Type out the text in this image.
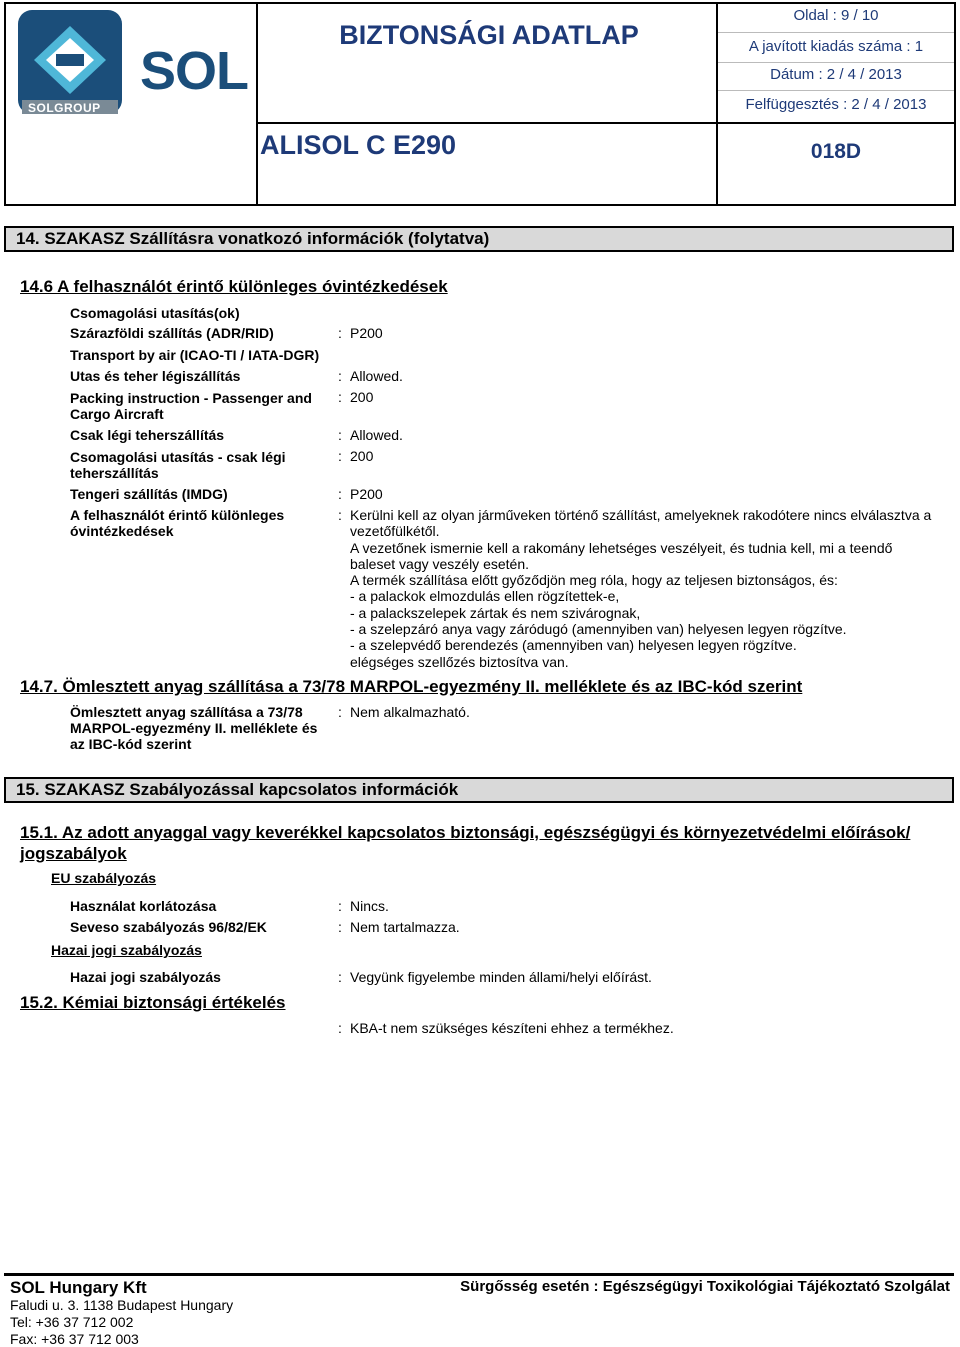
SOLGROUP
SOL
BIZTONSÁGI ADATLAP
ALISOL C E290
Oldal : 9 / 10
A javított kiadás száma : 1
Dátum : 2 / 4 / 2013
Felfüggesztés : 2 / 4 / 2013
018D
14. SZAKASZ Szállításra vonatkozó információk (folytatva)
14.6 A felhasználót érintő különleges óvintézkedések
Csomagolási utasítás(ok)
Szárazföldi szállítás (ADR/RID)	: P200
Transport by air (ICAO-TI / IATA-DGR)
Utas és teher légiszállítás	: Allowed.
Packing instruction - Passenger and Cargo Aircraft
: 200
Csak légi teherszállítás	: Allowed.
Csomagolási utasítás - csak légi teherszállítás
: 200
Tengeri szállítás (IMDG)	: P200
A felhasználót érintő különleges óvintézkedések
: Kerülni kell az olyan járműveken történő szállítást, amelyeknek rakodótere nincs elválasztva a
vezetőfülkétől.
A vezetőnek ismernie kell a rakomány lehetséges veszélyeit, és tudnia kell, mi a teendő
baleset vagy veszély esetén.
A termék szállítása előtt győződjön meg róla, hogy az teljesen biztonságos, és:
- a palackok elmozdulás ellen rögzítettek-e,
- a palackszelepek zártak és nem szivárognak,
- a szelepzáró anya vagy záródugó (amennyiben van) helyesen legyen rögzítve.
- a szelepvédő berendezés (amennyiben van) helyesen legyen rögzítve.
elégséges szellőzés biztosítva van.
14.7. Ömlesztett anyag szállítása a 73/78 MARPOL-egyezmény II. melléklete és az IBC-kód szerint
Ömlesztett anyag szállítása a 73/78 MARPOL-egyezmény II. melléklete és az IBC-kód szerint
: Nem alkalmazható.
15. SZAKASZ Szabályozással kapcsolatos információk
15.1. Az adott anyaggal vagy keverékkel kapcsolatos biztonsági, egészségügyi és környezetvédelmi előírások/
jogszabályok
EU szabályozás
Használat korlátozása	: Nincs.
Seveso szabályozás 96/82/EK	: Nem tartalmazza.
Hazai jogi szabályozás
Hazai jogi szabályozás	: Vegyünk figyelembe minden állami/helyi előírást.
15.2. Kémiai biztonsági értékelés
: KBA-t nem szükséges készíteni ehhez a termékhez.
SOL Hungary Kft	Sürgősség esetén : Egészségügyi Toxikológiai Tájékoztató Szolgálat
Faludi u. 3. 1138 Budapest Hungary
Tel: +36 37 712 002
Fax: +36 37 712 003
